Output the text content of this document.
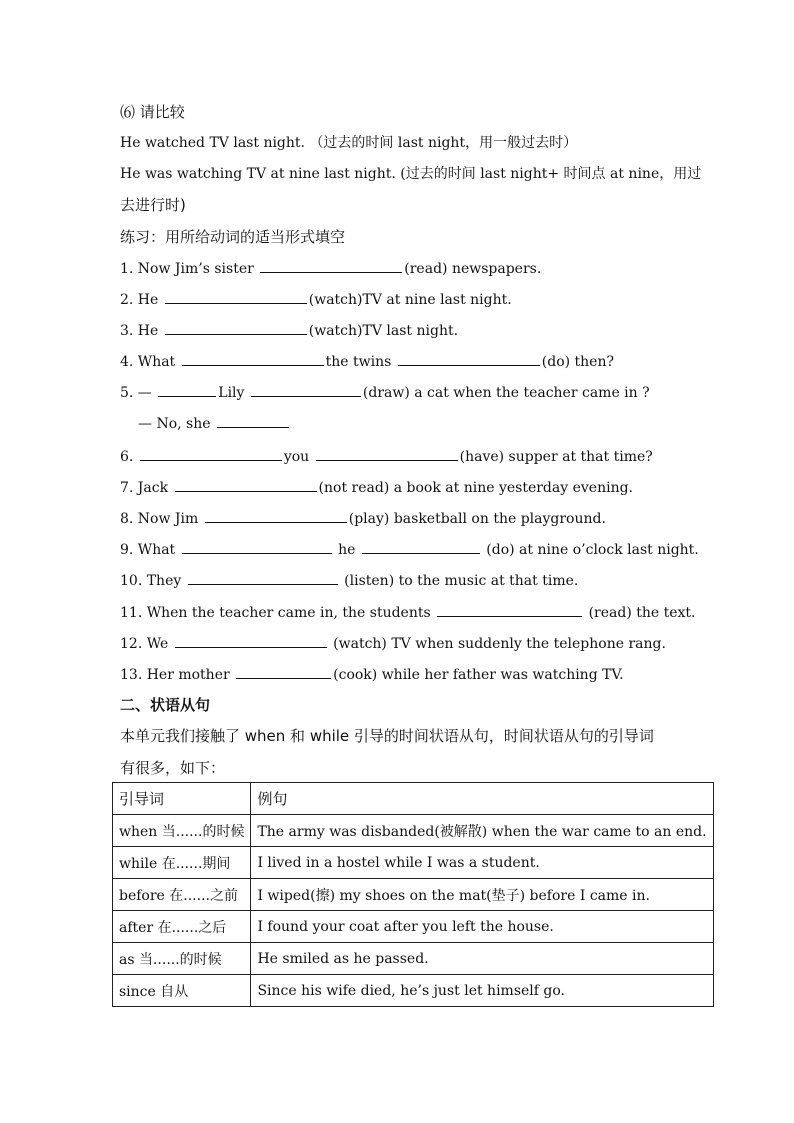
⑹ 请比较
He watched TV last night. （过去的时间 last night，用一般过去时）
He was watching TV at nine last night. (过去的时间 last night+ 时间点 at nine，用过
去进行时)
练习：用所给动词的适当形式填空
1. Now Jim’s sister	(read) newspapers.
2. He	(watch)TV at nine last night.
3. He	(watch)TV last night.
4. What	the twins	(do) then?
5. —	Lily	(draw) a cat when the teacher came in ?
— No, she
6.	you	(have) supper at that time?
7. Jack	(not read) a book at nine yesterday evening.
8. Now Jim	(play) basketball on the playground.
9. What	he	(do) at nine o’clock last night.
10. They	(listen) to the music at that time.
11. When the teacher came in, the students	(read) the text.
12. We	(watch) TV when suddenly the telephone rang.
13. Her mother	(cook) while her father was watching TV.
二、状语从句
本单元我们接触了 when 和 while 引导的时间状语从句，时间状语从句的引导词
有很多，如下：
引导词	例句
when 当......的时候	The army was disbanded(被解散) when the war came to an end.
while 在......期间	I lived in a hostel while I was a student.
before 在......之前	I wiped(擦) my shoes on the mat(垫子) before I came in.
after 在......之后	I found your coat after you left the house.
as 当......的时候	He smiled as he passed.
since 自从	Since his wife died, he’s just let himself go.
